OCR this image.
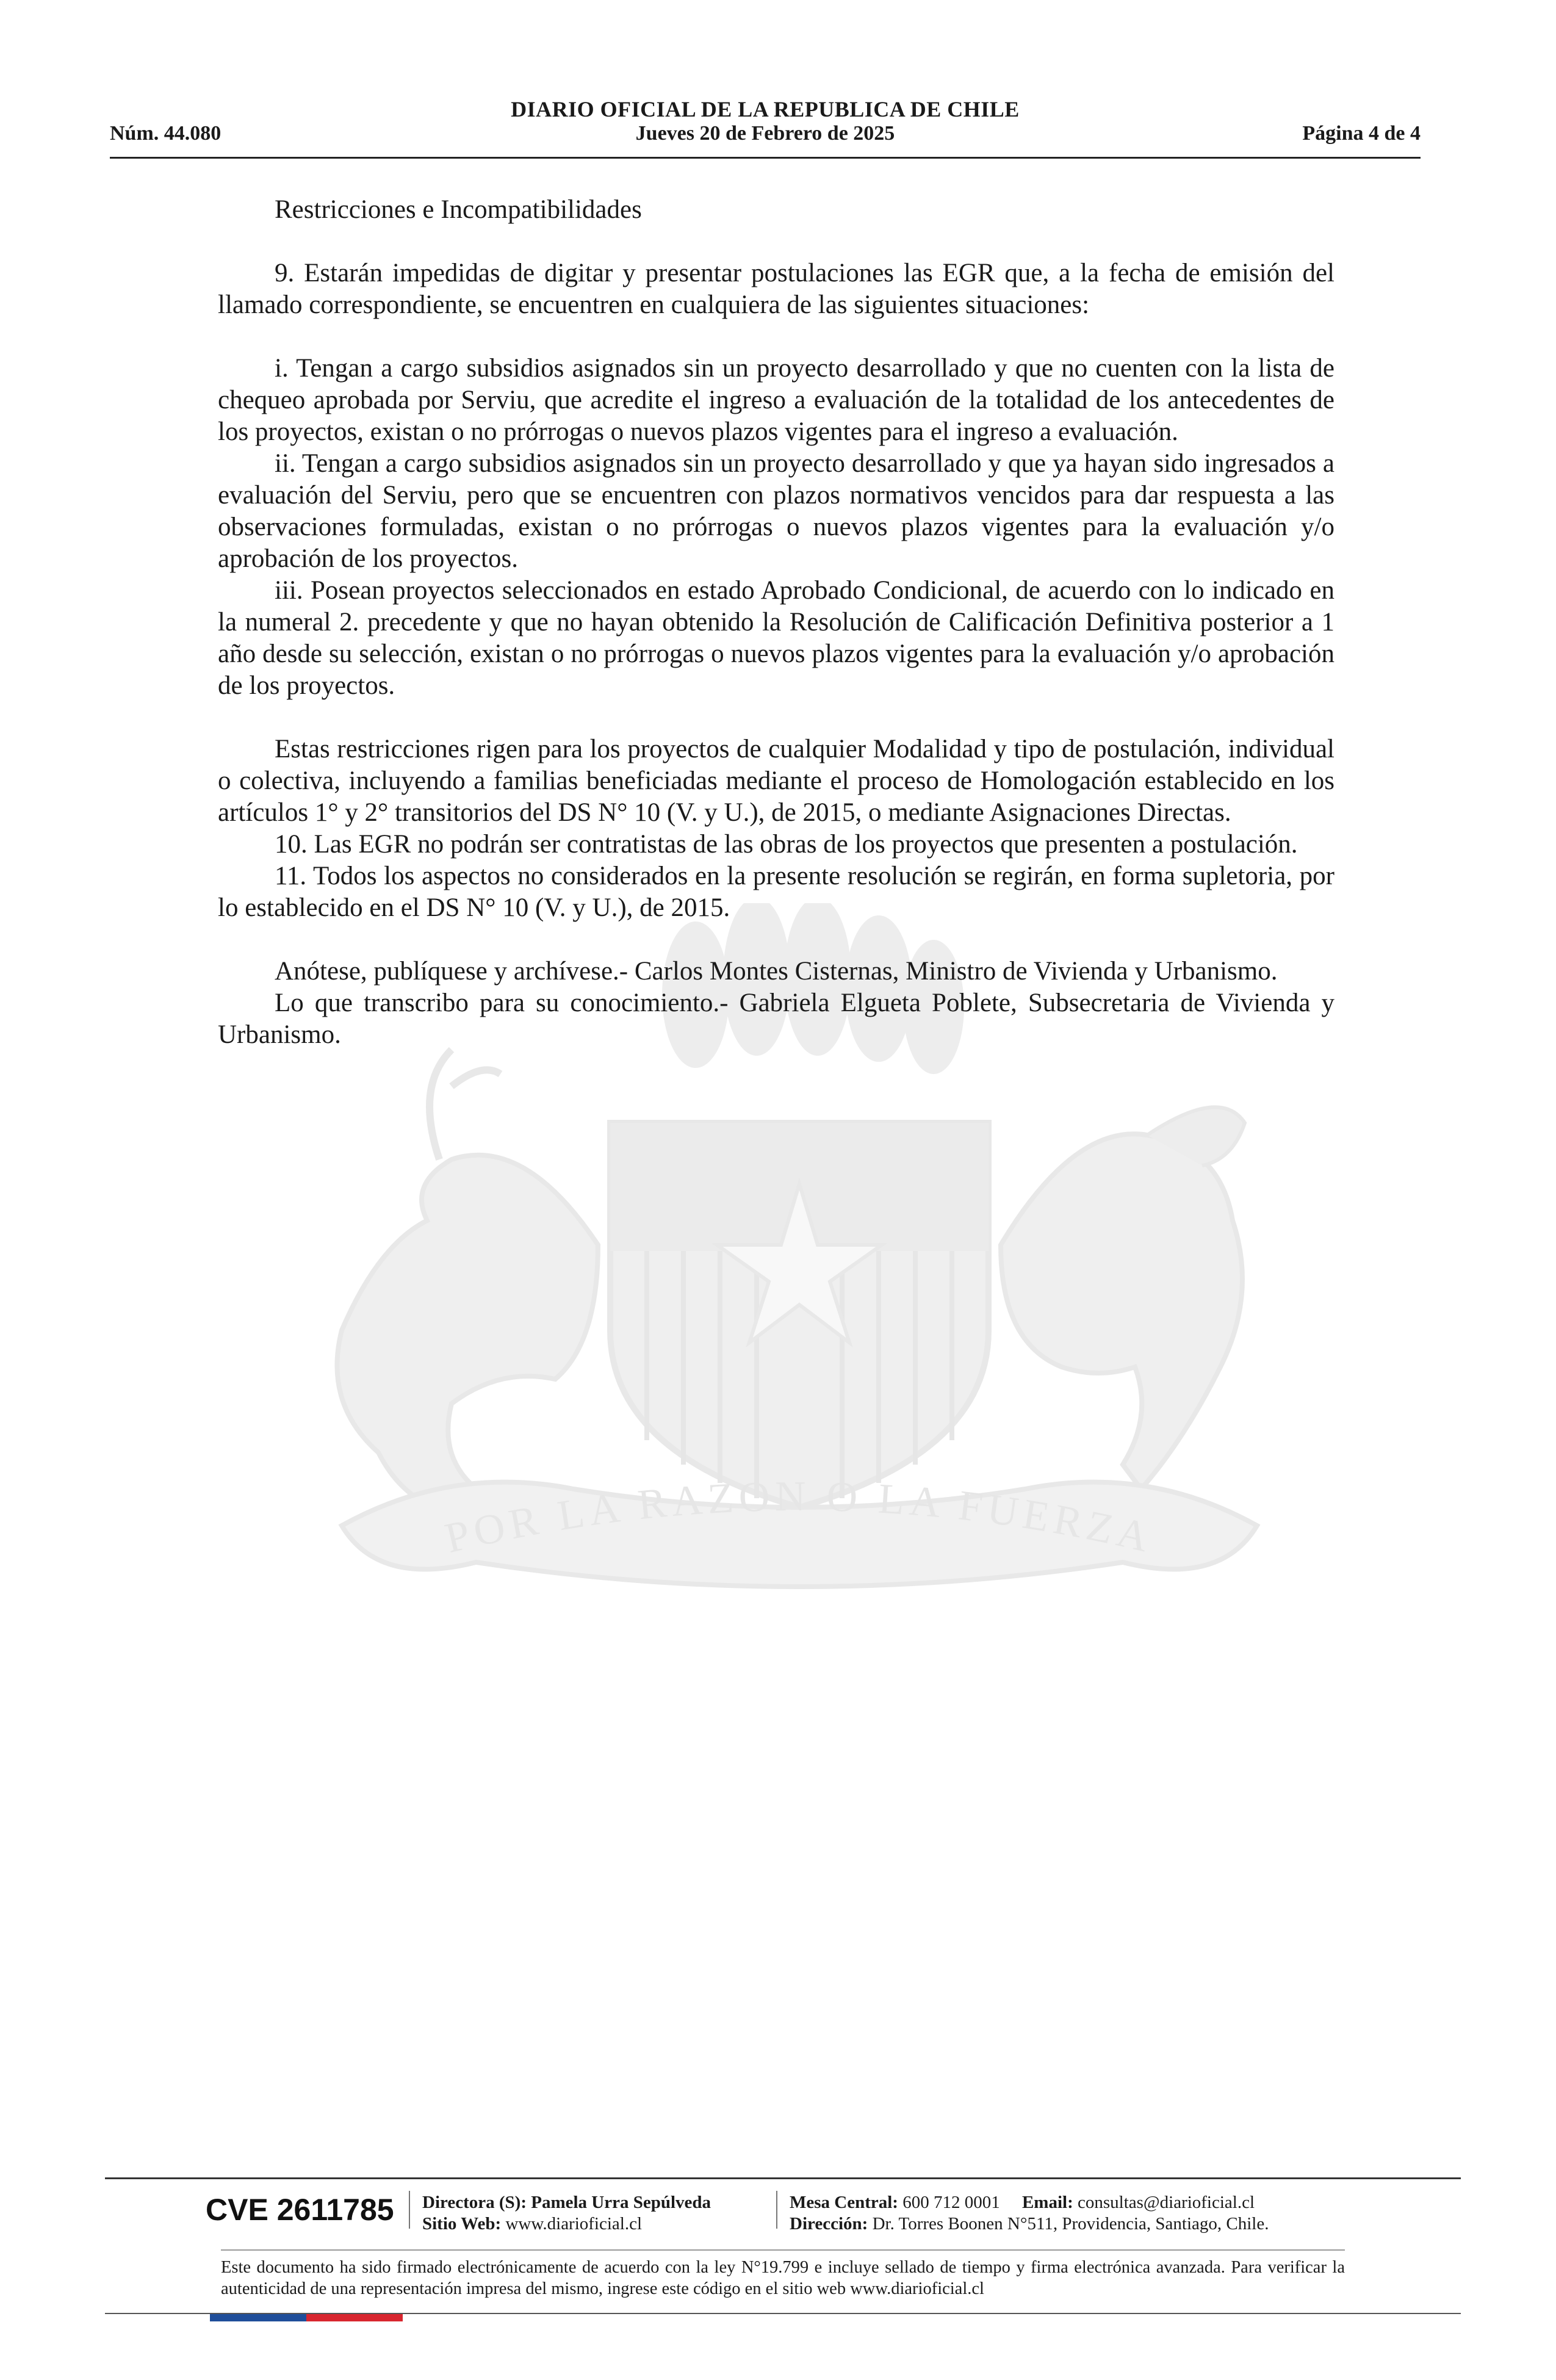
DIARIO OFICIAL DE LA REPUBLICA DE CHILE
Núm. 44.080	Jueves 20 de Febrero de 2025	Página 4 de 4
POR LA RAZON O LA FUERZA

Restricciones e Incompatibilidades

9. Estarán impedidas de digitar y presentar postulaciones las EGR que, a la fecha de emisión del llamado correspondiente, se encuentren en cualquiera de las siguientes situaciones:

i. Tengan a cargo subsidios asignados sin un proyecto desarrollado y que no cuenten con la lista de chequeo aprobada por Serviu, que acredite el ingreso a evaluación de la totalidad de los antecedentes de los proyectos, existan o no prórrogas o nuevos plazos vigentes para el ingreso a evaluación.

ii. Tengan a cargo subsidios asignados sin un proyecto desarrollado y que ya hayan sido ingresados a evaluación del Serviu, pero que se encuentren con plazos normativos vencidos para dar respuesta a las observaciones formuladas, existan o no prórrogas o nuevos plazos vigentes para la evaluación y/o aprobación de los proyectos.

iii. Posean proyectos seleccionados en estado Aprobado Condicional, de acuerdo con lo indicado en la numeral 2. precedente y que no hayan obtenido la Resolución de Calificación Definitiva posterior a 1 año desde su selección, existan o no prórrogas o nuevos plazos vigentes para la evaluación y/o aprobación de los proyectos.

Estas restricciones rigen para los proyectos de cualquier Modalidad y tipo de postulación, individual o colectiva, incluyendo a familias beneficiadas mediante el proceso de Homologación establecido en los artículos 1° y 2° transitorios del DS N° 10 (V. y U.), de 2015, o mediante Asignaciones Directas.

10. Las EGR no podrán ser contratistas de las obras de los proyectos que presenten a postulación.

11. Todos los aspectos no considerados en la presente resolución se regirán, en forma supletoria, por lo establecido en el DS N° 10 (V. y U.), de 2015.

Anótese, publíquese y archívese.- Carlos Montes Cisternas, Ministro de Vivienda y Urbanismo.

Lo que transcribo para su conocimiento.- Gabriela Elgueta Poblete, Subsecretaria de Vivienda y Urbanismo.

CVE 2611785 Directora (S): Pamela Urra Sepúlveda
Sitio Web: www.diarioficial.cl
Mesa Central: 600 712 0001 Email: consultas@diarioficial.cl
Dirección: Dr. Torres Boonen N°511, Providencia, Santiago, Chile.
Este documento ha sido firmado electrónicamente de acuerdo con la ley N°19.799 e incluye sellado de tiempo y firma electrónica avanzada. Para verificar la autenticidad de una representación impresa del mismo, ingrese este código en el sitio web www.diarioficial.cl
